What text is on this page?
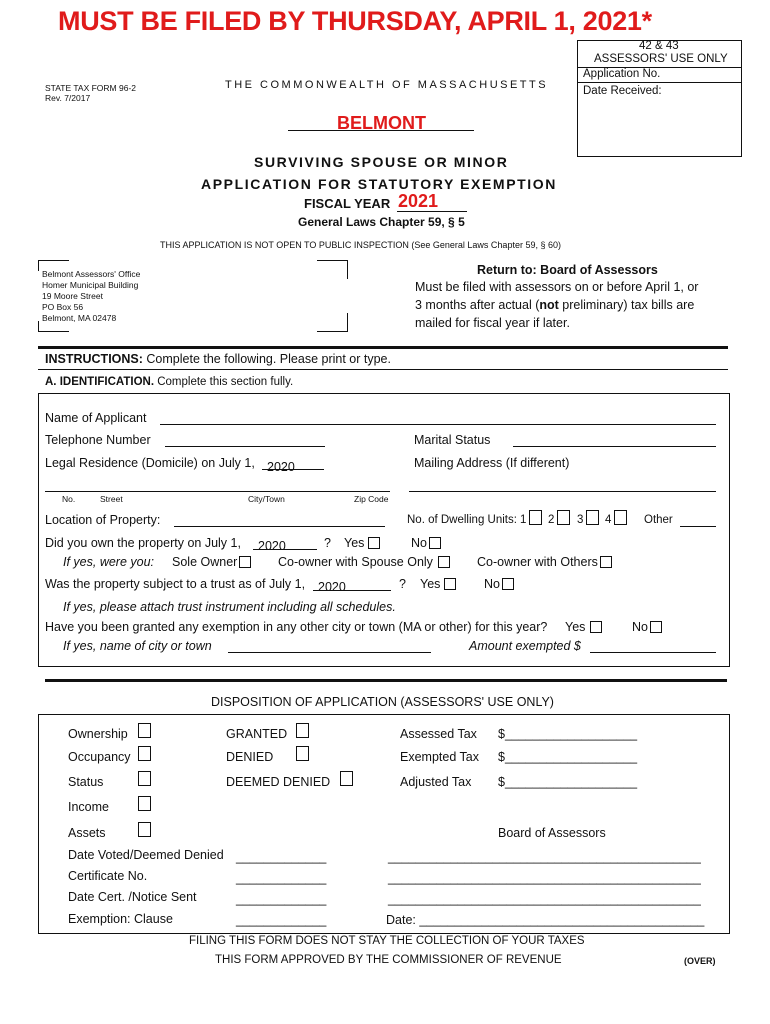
MUST BE FILED BY THURSDAY, APRIL 1, 2021*
42 & 43
ASSESSORS' USE ONLY
Application No.
Date Received:
STATE TAX FORM 96-2
Rev. 7/2017
THE COMMONWEALTH OF MASSACHUSETTS
BELMONT
SURVIVING SPOUSE OR MINOR
APPLICATION FOR STATUTORY EXEMPTION
FISCAL YEAR 2021
General Laws Chapter 59, § 5
THIS APPLICATION IS NOT OPEN TO PUBLIC INSPECTION (See General Laws Chapter 59, § 60)
Belmont Assessors' Office
Homer Municipal Building
19 Moore Street
PO Box 56
Belmont, MA 02478
Return to: Board of Assessors
Must be filed with assessors on or before April 1, or
3 months after actual (not preliminary) tax bills are
mailed for fiscal year if later.
INSTRUCTIONS: Complete the following. Please print or type.
A. IDENTIFICATION. Complete this section fully.
Name of Applicant
Telephone Number	Marital Status
Legal Residence (Domicile) on July 1, 2020	Mailing Address (If different)
No.	Street	City/Town	Zip Code
Location of Property:	No. of Dwelling Units: 1 2 3 4	Other
Did you own the property on July 1, 2020	? Yes	No
If yes, were you: Sole Owner	Co-owner with Spouse Only	Co-owner with Others
Was the property subject to a trust as of July 1, 2020	? Yes	No
If yes, please attach trust instrument including all schedules.
Have you been granted any exemption in any other city or town (MA or other) for this year? Yes	No
If yes, name of city or town	Amount exempted $
DISPOSITION OF APPLICATION (ASSESSORS' USE ONLY)
Ownership	GRANTED	Assessed Tax $___________________
Occupancy	DENIED	Exempted Tax $___________________
Status	DEEMED DENIED	Adjusted Tax $___________________
Income
Assets	Board of Assessors
Date Voted/Deemed Denied _____________	_____________________________________________
Certificate No.	_____________	_____________________________________________
Date Cert. /Notice Sent	_____________	_____________________________________________
Exemption: Clause	_____________	Date: _________________________________________
FILING THIS FORM DOES NOT STAY THE COLLECTION OF YOUR TAXES
THIS FORM APPROVED BY THE COMMISSIONER OF REVENUE	(OVER)
